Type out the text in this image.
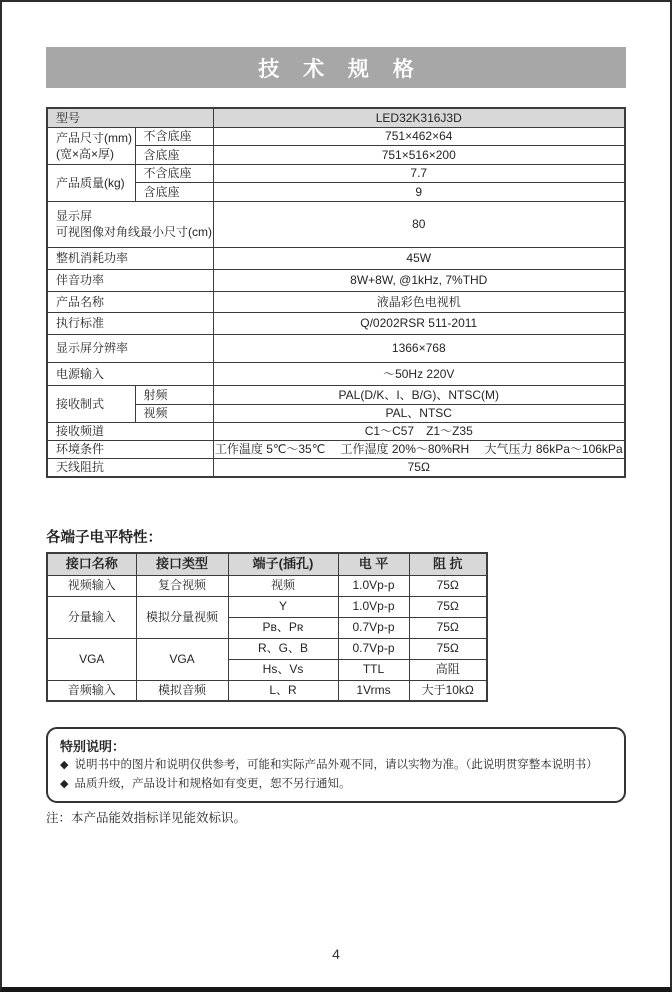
技 术 规 格
型号		LED32K316J3D

产品尺寸(mm)
(宽×高×厚)	不含底座	751×462×64
	含底座	751×516×200
产品质量(kg)	不含底座	7.7
	含底座	9

显示屏
可视图像对角线最小尺寸(cm)		80
整机消耗功率		45W
伴音功率		8W+8W, @1kHz, 7%THD
产品名称		液晶彩色电视机
执行标准		Q/0202RSR 511-2011
显示屏分辨率		1366×768
电源输入		～50Hz 220V
接收制式	射频	PAL(D/K、I、B/G)、NTSC(M)
	视频	PAL、NTSC
接收频道		C1～C57　Z1～Z35
环境条件		工作温度 5℃～35℃　 工作湿度 20%～80%RH　 大气压力 86kPa～106kPa
天线阻抗		75Ω
各端子电平特性：
接口名称	接口类型	端子(插孔)	电 平	阻 抗
视频输入	复合视频	视频	1.0Vp-p	75Ω
分量输入	模拟分量视频	Y	1.0Vp-p	75Ω
		Pʙ、Pʀ	0.7Vp-p	75Ω
VGA	VGA	R、G、B	0.7Vp-p	75Ω
		Hs、Vs	TTL	高阻
音频输入	模拟音频	L、R	1Vrms	大于10kΩ

特别说明：

◆ 说明书中的图片和说明仅供参考，可能和实际产品外观不同，请以实物为准。（此说明贯穿整本说明书）
◆ 品质升级，产品设计和规格如有变更，恕不另行通知。
注：本产品能效指标详见能效标识。
4
